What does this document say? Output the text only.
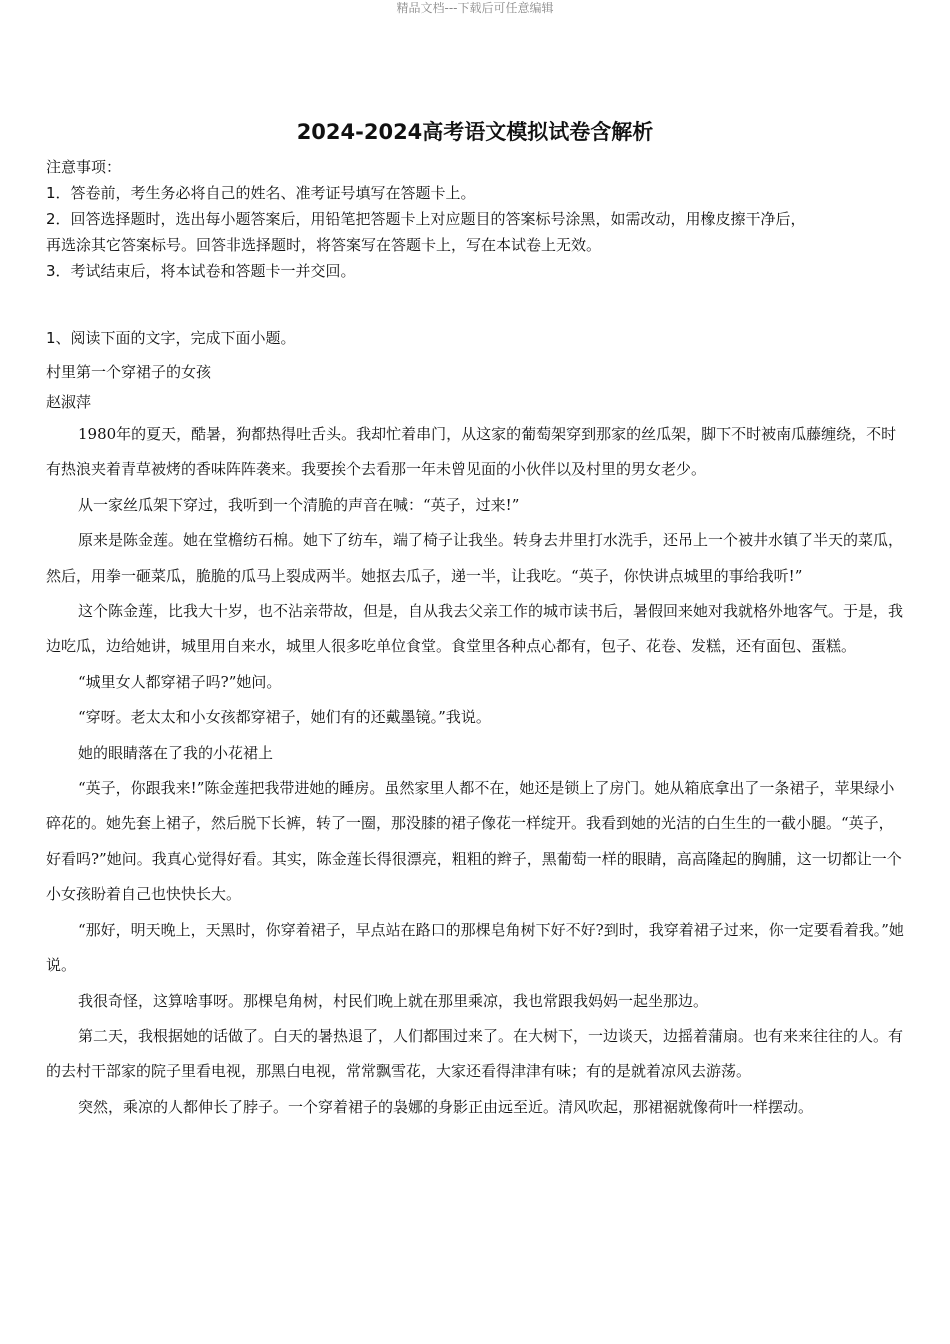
精品文档---下载后可任意编辑
2024-2024高考语文模拟试卷含解析

注意事项：

1．答卷前，考生务必将自己的姓名、准考证号填写在答题卡上。

2．回答选择题时，选出每小题答案后，用铅笔把答题卡上对应题目的答案标号涂黑，如需改动，用橡皮擦干净后，

再选涂其它答案标号。回答非选择题时，将答案写在答题卡上，写在本试卷上无效。

3．考试结束后，将本试卷和答题卡一并交回。

1、阅读下面的文字，完成下面小题。

村里第一个穿裙子的女孩

赵淑萍

1980年的夏天，酷暑，狗都热得吐舌头。我却忙着串门，从这家的葡萄架穿到那家的丝瓜架，脚下不时被南瓜藤缠绕，不时有热浪夹着青草被烤的香味阵阵袭来。我要挨个去看那一年未曾见面的小伙伴以及村里的男女老少。

从一家丝瓜架下穿过，我听到一个清脆的声音在喊：“英子，过来!”

原来是陈金莲。她在堂檐纺石棉。她下了纺车，端了椅子让我坐。转身去井里打水洗手，还吊上一个被井水镇了半天的菜瓜，然后，用拳一砸菜瓜，脆脆的瓜马上裂成两半。她抠去瓜子，递一半，让我吃。“英子，你快讲点城里的事给我听!”

这个陈金莲，比我大十岁，也不沾亲带故，但是，自从我去父亲工作的城市读书后，暑假回来她对我就格外地客气。于是，我边吃瓜，边给她讲，城里用自来水，城里人很多吃单位食堂。食堂里各种点心都有，包子、花卷、发糕，还有面包、蛋糕。

“城里女人都穿裙子吗?”她问。

“穿呀。老太太和小女孩都穿裙子，她们有的还戴墨镜。”我说。

她的眼睛落在了我的小花裙上

“英子，你跟我来!”陈金莲把我带进她的睡房。虽然家里人都不在，她还是锁上了房门。她从箱底拿出了一条裙子，苹果绿小碎花的。她先套上裙子，然后脱下长裤，转了一圈，那没膝的裙子像花一样绽开。我看到她的光洁的白生生的一截小腿。“英子，好看吗?”她问。我真心觉得好看。其实，陈金莲长得很漂亮，粗粗的辫子，黑葡萄一样的眼睛，高高隆起的胸脯，这一切都让一个小女孩盼着自己也快快长大。

“那好，明天晚上，天黑时，你穿着裙子，早点站在路口的那棵皂角树下好不好?到时，我穿着裙子过来，你一定要看着我。”她说。

我很奇怪，这算啥事呀。那棵皂角树，村民们晚上就在那里乘凉，我也常跟我妈妈一起坐那边。

第二天，我根据她的话做了。白天的暑热退了，人们都围过来了。在大树下，一边谈天，边摇着蒲扇。也有来来往往的人。有的去村干部家的院子里看电视，那黑白电视，常常飘雪花，大家还看得津津有味；有的是就着凉风去游荡。

突然，乘凉的人都伸长了脖子。一个穿着裙子的袅娜的身影正由远至近。清风吹起，那裙裾就像荷叶一样摆动。
